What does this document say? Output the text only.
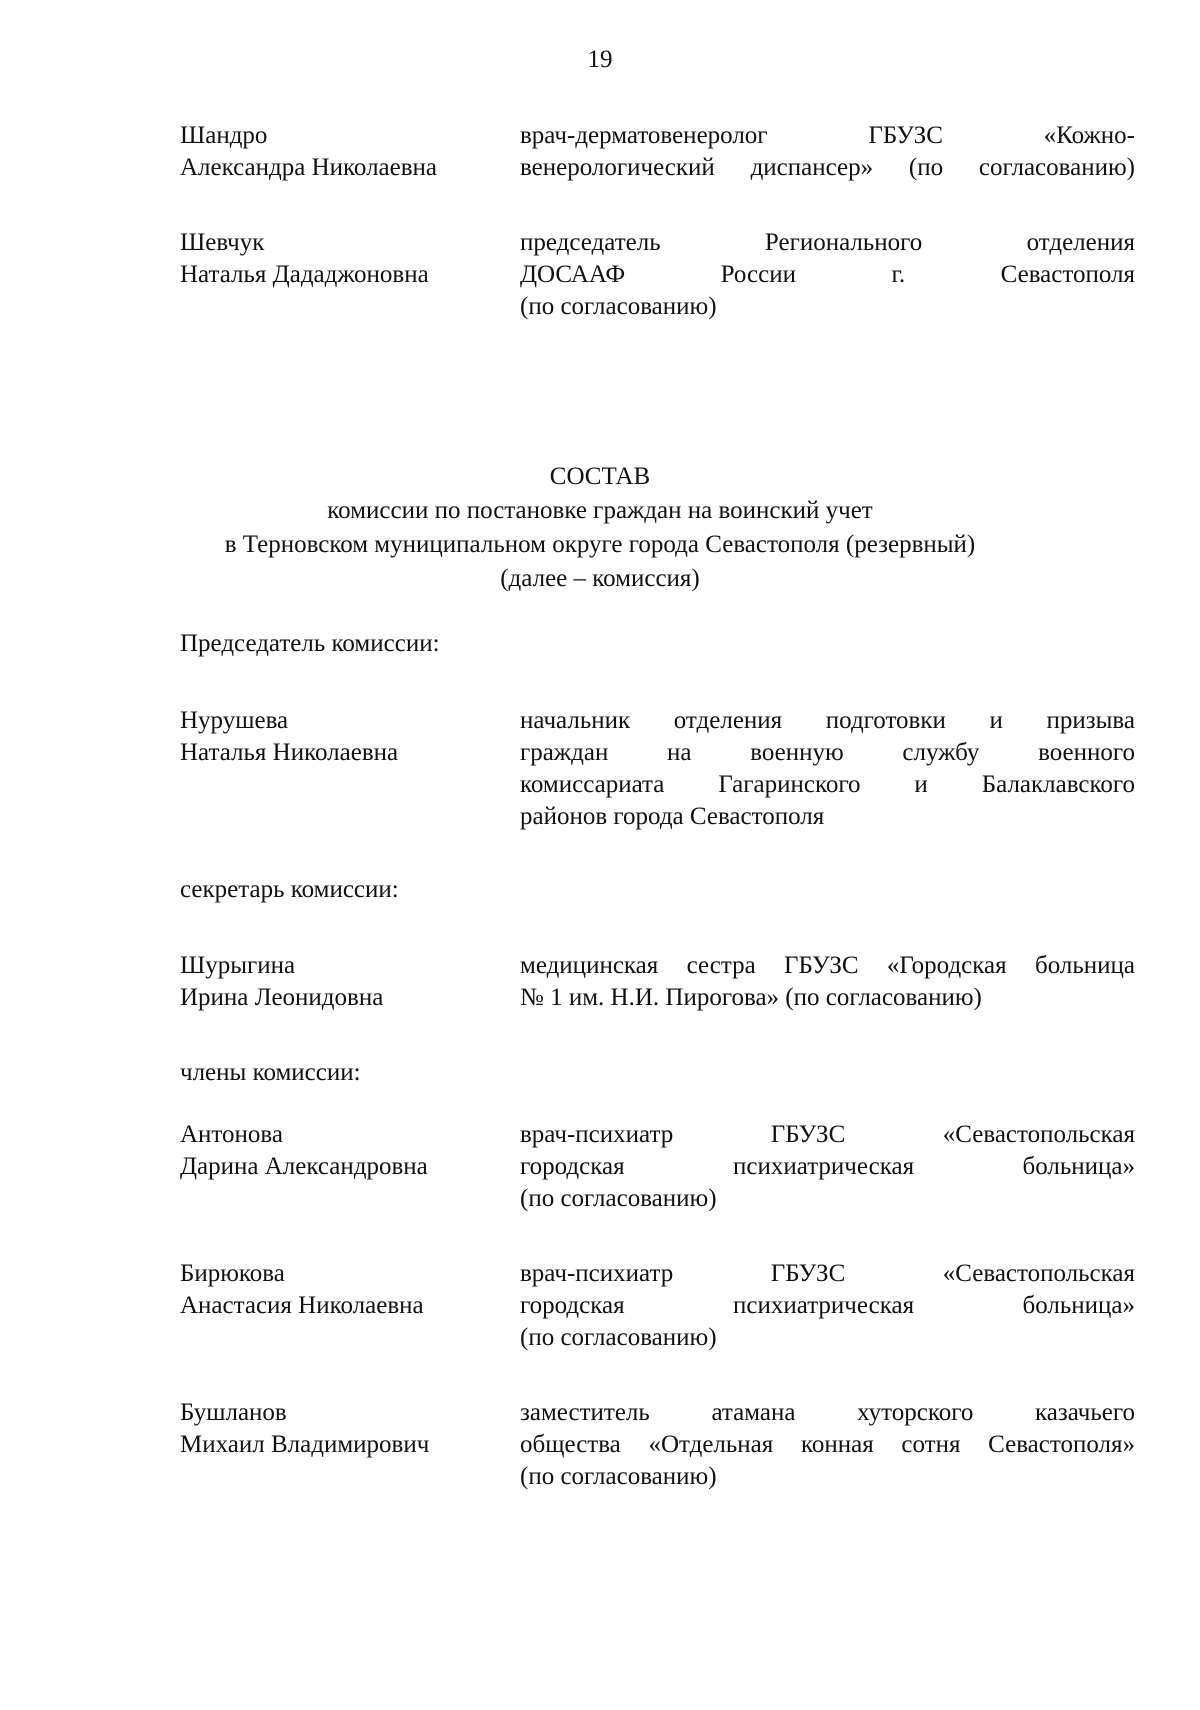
19
Шандро
Александра Николаевна
врач-дерматовенеролог ГБУЗС «Кожно-
венерологический диспансер» (по согласованию)
Шевчук
Наталья Дададжоновна
председатель Регионального отделения
ДОСААФ России г. Севастополя
(по согласованию)
СОСТАВ
комиссии по постановке граждан на воинский учет
в Терновском муниципальном округе города Севастополя (резервный)
(далее – комиссия)
Председатель комиссии:
Нурушева
Наталья Николаевна
начальник отделения подготовки и призыва
граждан на военную службу военного
комиссариата Гагаринского и Балаклавского
районов города Севастополя
секретарь комиссии:
Шурыгина
Ирина Леонидовна
медицинская сестра ГБУЗС «Городская больница
№ 1 им. Н.И. Пирогова» (по согласованию)
члены комиссии:
Антонова
Дарина Александровна
врач-психиатр ГБУЗС «Севастопольская
городская психиатрическая больница»
(по согласованию)
Бирюкова
Анастасия Николаевна
врач-психиатр ГБУЗС «Севастопольская
городская психиатрическая больница»
(по согласованию)
Бушланов
Михаил Владимирович
заместитель атамана хуторского казачьего
общества «Отдельная конная сотня Севастополя»
(по согласованию)
